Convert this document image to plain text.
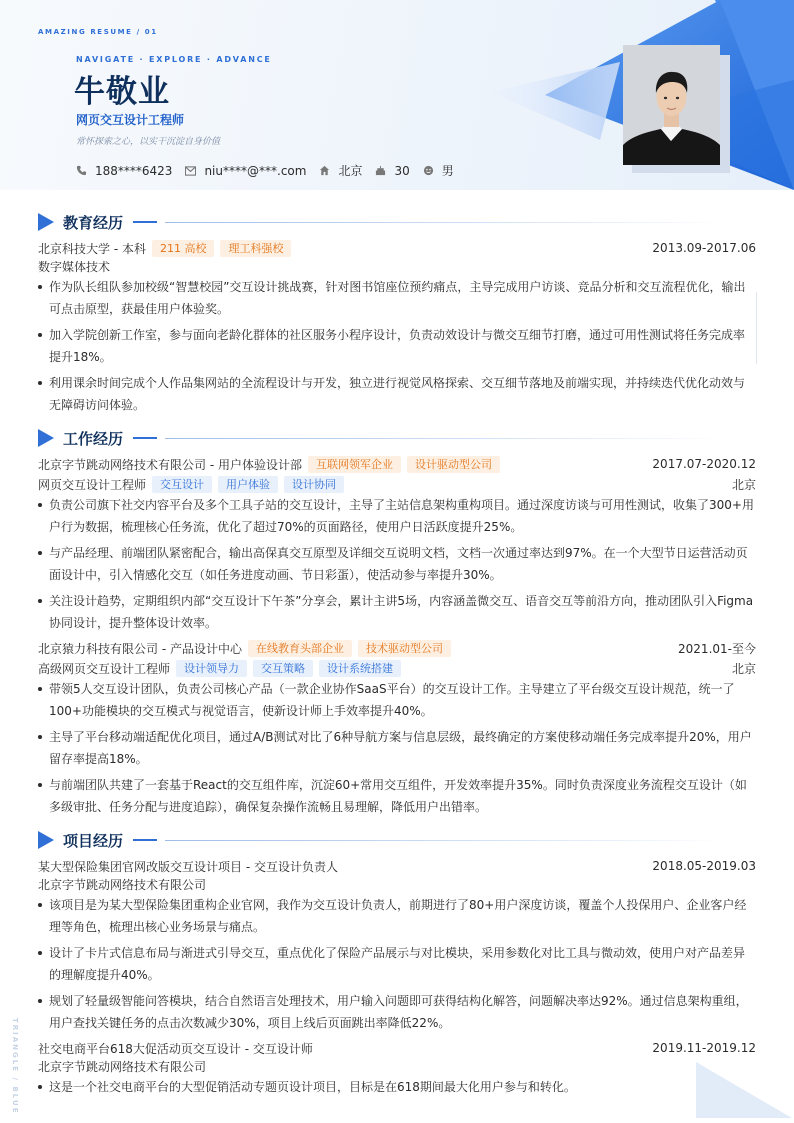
AMAZING RESUME / 01
NAVIGATE · EXPLORE · ADVANCE
牛敬业
网页交互设计工程师
常怀探索之心，以实干沉淀自身价值
188****6423	niu****@***.com	北京	30	男
教育经历
北京科技大学 - 本科	211 高校	理工科强校	2013.09-2017.06
数字媒体技术
作为队长组队参加校级“智慧校园”交互设计挑战赛，针对图书馆座位预约痛点，主导完成用户访谈、竞品分析和交互流程优化，输出可点击原型，获最佳用户体验奖。
加入学院创新工作室，参与面向老龄化群体的社区服务小程序设计，负责动效设计与微交互细节打磨，通过可用性测试将任务完成率提升18%。
利用课余时间完成个人作品集网站的全流程设计与开发，独立进行视觉风格探索、交互细节落地及前端实现，并持续迭代优化动效与无障碍访问体验。
工作经历
北京字节跳动网络技术有限公司 - 用户体验设计部	互联网领军企业	设计驱动型公司	2017.07-2020.12
网页交互设计工程师	交互设计	用户体验	设计协同	北京
负责公司旗下社交内容平台及多个工具子站的交互设计，主导了主站信息架构重构项目。通过深度访谈与可用性测试，收集了300+用户行为数据，梳理核心任务流，优化了超过70%的页面路径，使用户日活跃度提升25%。
与产品经理、前端团队紧密配合，输出高保真交互原型及详细交互说明文档，文档一次通过率达到97%。在一个大型节日运营活动页面设计中，引入情感化交互（如任务进度动画、节日彩蛋），使活动参与率提升30%。
关注设计趋势，定期组织内部“交互设计下午茶”分享会，累计主讲5场，内容涵盖微交互、语音交互等前沿方向，推动团队引入Figma协同设计，提升整体设计效率。
北京猿力科技有限公司 - 产品设计中心	在线教育头部企业	技术驱动型公司	2021.01-至今
高级网页交互设计工程师	设计领导力	交互策略	设计系统搭建	北京
带领5人交互设计团队，负责公司核心产品（一款企业协作SaaS平台）的交互设计工作。主导建立了平台级交互设计规范，统一了100+功能模块的交互模式与视觉语言，使新设计师上手效率提升40%。
主导了平台移动端适配优化项目，通过A/B测试对比了6种导航方案与信息层级，最终确定的方案使移动端任务完成率提升20%，用户留存率提高18%。
与前端团队共建了一套基于React的交互组件库，沉淀60+常用交互组件，开发效率提升35%。同时负责深度业务流程交互设计（如多级审批、任务分配与进度追踪），确保复杂操作流畅且易理解，降低用户出错率。
项目经历
某大型保险集团官网改版交互设计项目 - 交互设计负责人	2018.05-2019.03
北京字节跳动网络技术有限公司
该项目是为某大型保险集团重构企业官网，我作为交互设计负责人，前期进行了80+用户深度访谈，覆盖个人投保用户、企业客户经理等角色，梳理出核心业务场景与痛点。
设计了卡片式信息布局与渐进式引导交互，重点优化了保险产品展示与对比模块，采用参数化对比工具与微动效，使用户对产品差异的理解度提升40%。
规划了轻量级智能问答模块，结合自然语言处理技术，用户输入问题即可获得结构化解答，问题解决率达92%。通过信息架构重组，用户查找关键任务的点击次数减少30%，项目上线后页面跳出率降低22%。
社交电商平台618大促活动页交互设计 - 交互设计师	2019.11-2019.12
北京字节跳动网络技术有限公司
这是一个社交电商平台的大型促销活动专题页设计项目，目标是在618期间最大化用户参与和转化。
TRIANGLE / BLUE
